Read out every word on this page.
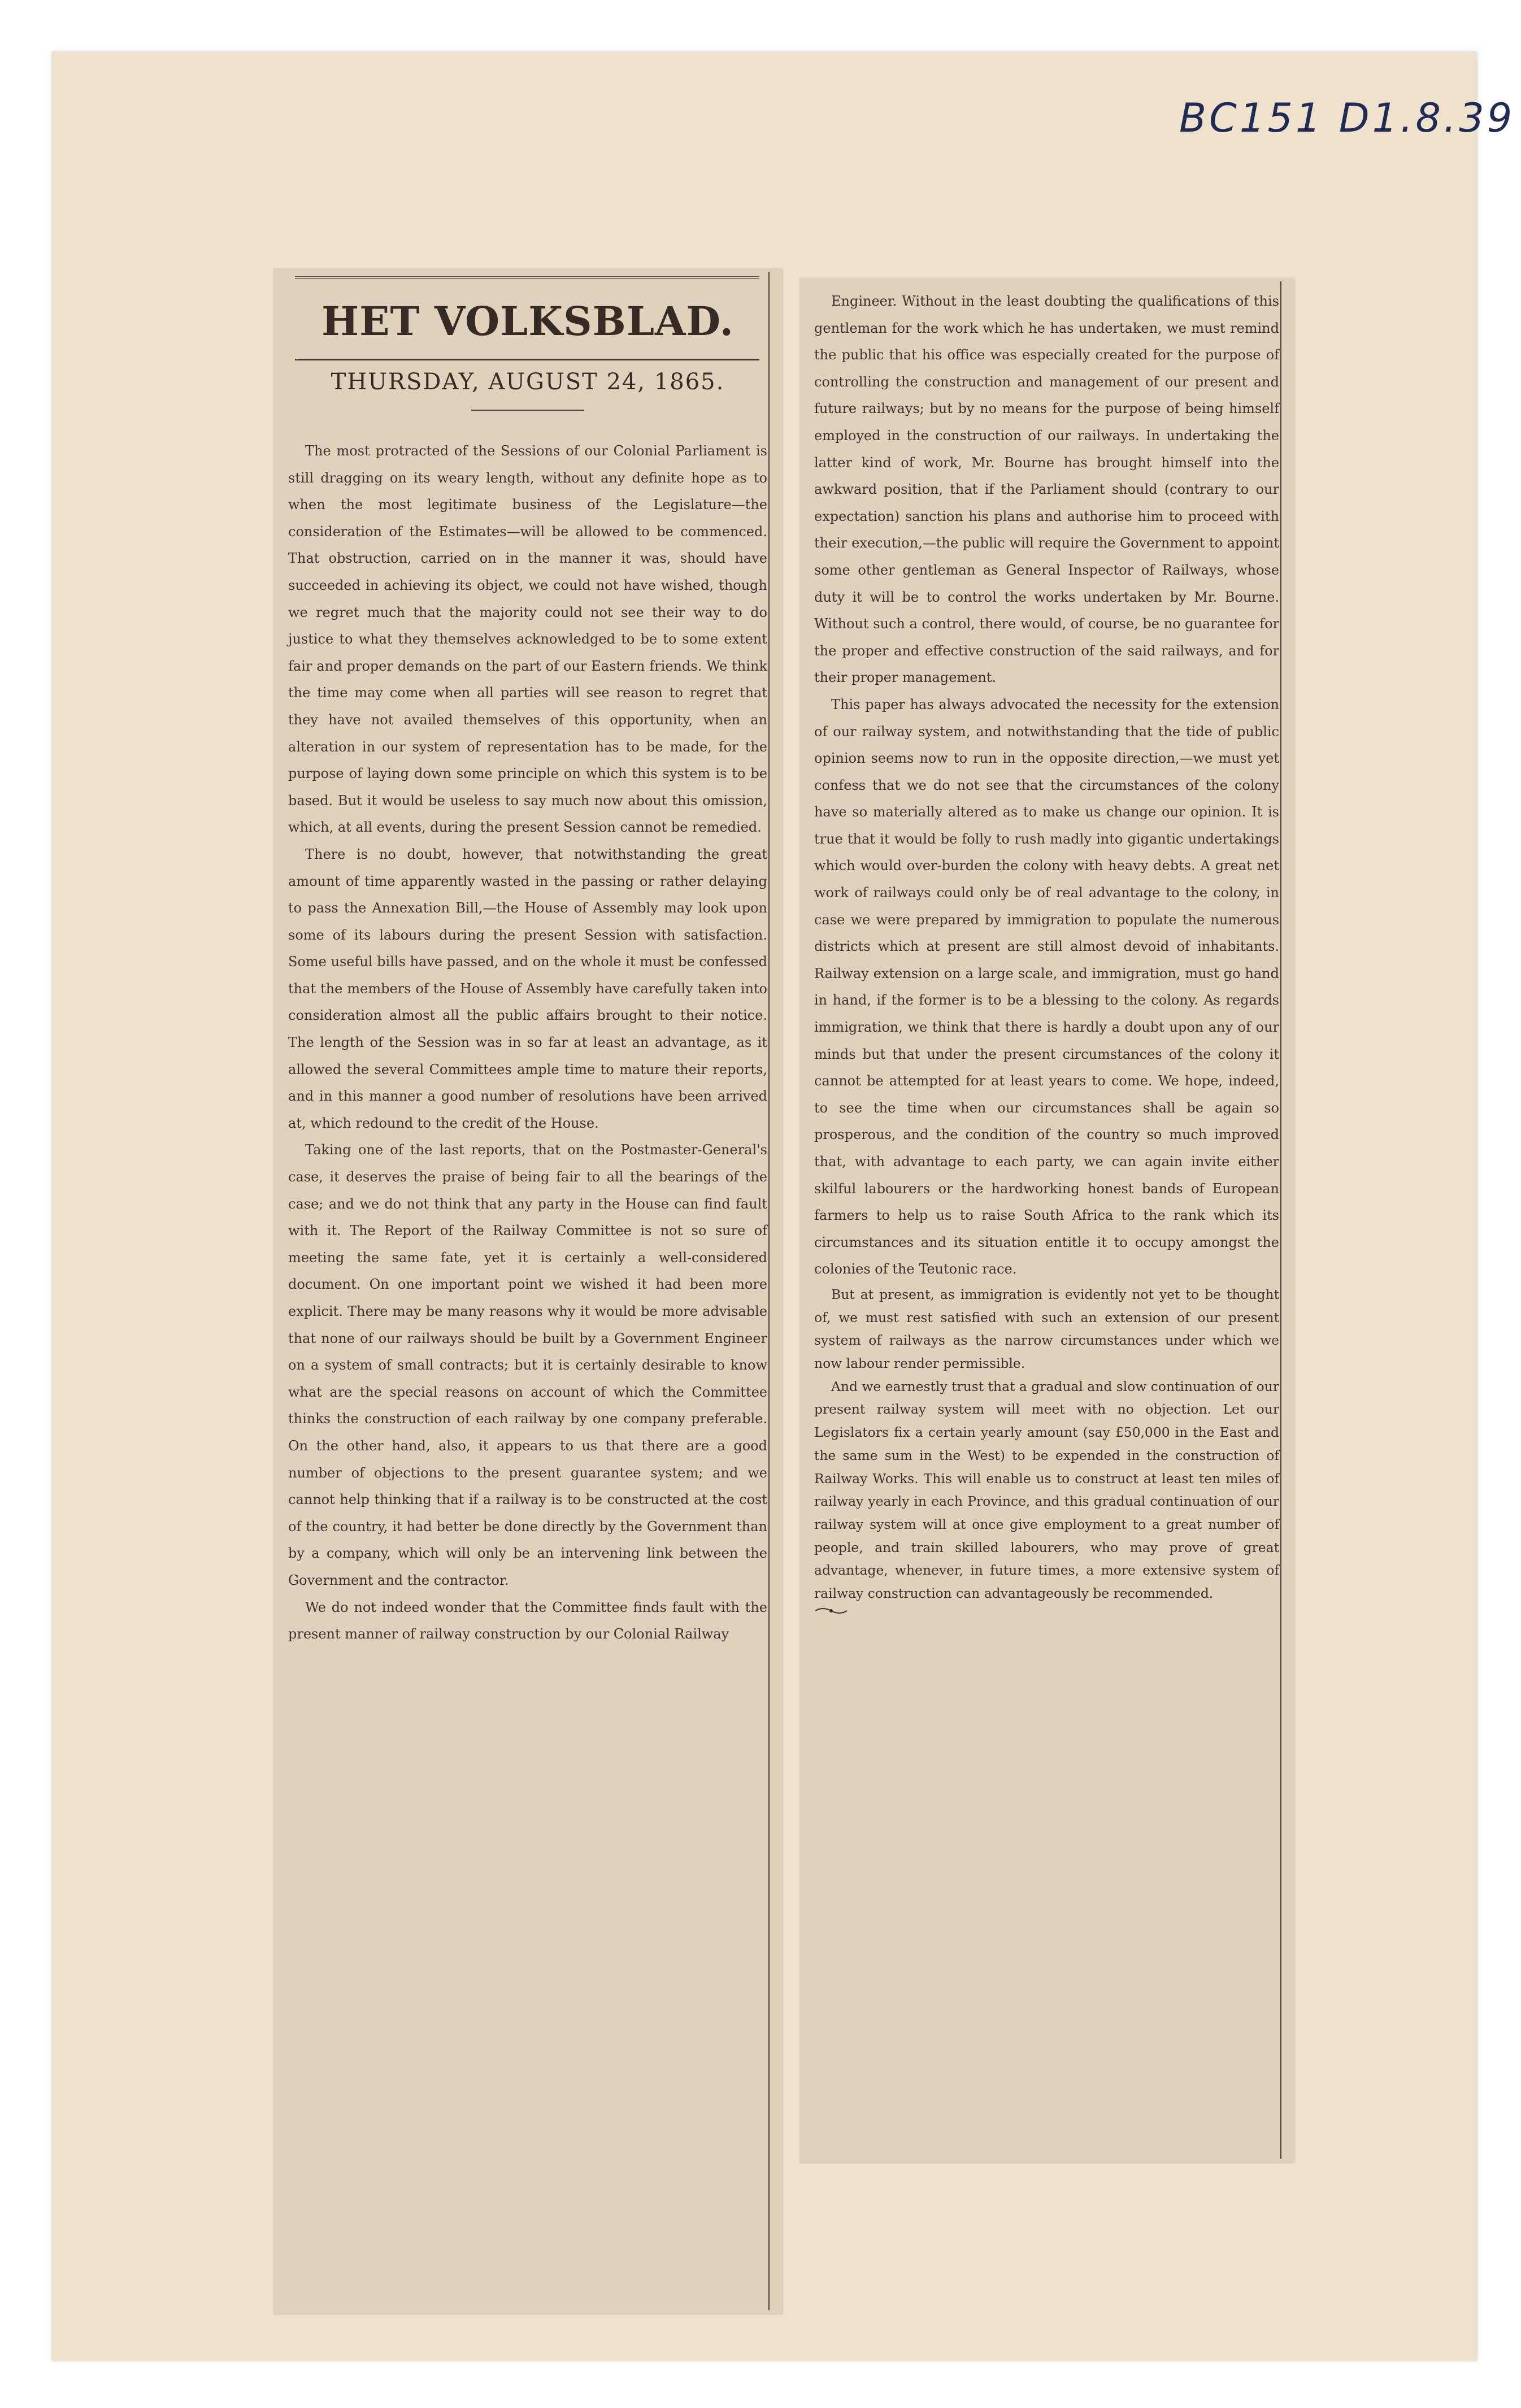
BC151 D1.8.39
HET VOLKSBLAD.
THURSDAY, AUGUST 24, 1865.

The most protracted of the Sessions of our Colonial Parliament is still dragging on its weary length, without any definite hope as to when the most legitimate business of the Legislature—the consideration of the Estimates—will be allowed to be commenced. That obstruction, carried on in the manner it was, should have succeeded in achieving its object, we could not have wished, though we regret much that the majority could not see their way to do justice to what they themselves acknowledged to be to some extent fair and proper demands on the part of our Eastern friends. We think the time may come when all parties will see reason to regret that they have not availed themselves of this opportunity, when an alteration in our system of representation has to be made, for the purpose of laying down some principle on which this system is to be based. But it would be useless to say much now about this omission, which, at all events, during the present Session cannot be remedied.

There is no doubt, however, that notwithstanding the great amount of time apparently wasted in the passing or rather delaying to pass the Annexation Bill,—the House of Assembly may look upon some of its labours during the present Session with satisfaction. Some useful bills have passed, and on the whole it must be confessed that the members of the House of Assembly have carefully taken into consideration almost all the public affairs brought to their notice. The length of the Session was in so far at least an advantage, as it allowed the several Committees ample time to mature their reports, and in this manner a good number of resolutions have been arrived at, which redound to the credit of the House.

Taking one of the last reports, that on the Postmaster-General's case, it deserves the praise of being fair to all the bearings of the case; and we do not think that any party in the House can find fault with it. The Report of the Railway Committee is not so sure of meeting the same fate, yet it is certainly a well-considered document. On one important point we wished it had been more explicit. There may be many reasons why it would be more advisable that none of our railways should be built by a Government Engineer on a system of small contracts; but it is certainly desirable to know what are the special reasons on account of which the Committee thinks the construction of each railway by one company preferable. On the other hand, also, it appears to us that there are a good number of objections to the present guarantee system; and we cannot help thinking that if a railway is to be constructed at the cost of the country, it had better be done directly by the Government than by a company, which will only be an intervening link between the Government and the contractor.

We do not indeed wonder that the Committee finds fault with the present manner of railway construction by our Colonial Railway

Engineer. Without in the least doubting the qualifications of this gentleman for the work which he has undertaken, we must remind the public that his office was especially created for the purpose of controlling the construction and management of our present and future railways; but by no means for the purpose of being himself employed in the construction of our railways. In undertaking the latter kind of work, Mr. Bourne has brought himself into the awkward position, that if the Parliament should (contrary to our expectation) sanction his plans and authorise him to proceed with their execution,—the public will require the Government to appoint some other gentleman as General Inspector of Railways, whose duty it will be to control the works undertaken by Mr. Bourne. Without such a control, there would, of course, be no guarantee for the proper and effective construction of the said railways, and for their proper management.

This paper has always advocated the necessity for the extension of our railway system, and notwithstanding that the tide of public opinion seems now to run in the opposite direction,—we must yet confess that we do not see that the circumstances of the colony have so materially altered as to make us change our opinion. It is true that it would be folly to rush madly into gigantic undertakings which would over-burden the colony with heavy debts. A great net work of railways could only be of real advantage to the colony, in case we were prepared by immigration to populate the numerous districts which at present are still almost devoid of inhabitants. Railway extension on a large scale, and immigration, must go hand in hand, if the former is to be a blessing to the colony. As regards immigration, we think that there is hardly a doubt upon any of our minds but that under the present circumstances of the colony it cannot be attempted for at least years to come. We hope, indeed, to see the time when our circumstances shall be again so prosperous, and the condition of the country so much improved that, with advantage to each party, we can again invite either skilful labourers or the hardworking honest bands of European farmers to help us to raise South Africa to the rank which its circumstances and its situation entitle it to occupy amongst the colonies of the Teutonic race.

But at present, as immigration is evidently not yet to be thought of, we must rest satisfied with such an extension of our present system of railways as the narrow circumstances under which we now labour render permissible.

And we earnestly trust that a gradual and slow continuation of our present railway system will meet with no objection. Let our Legislators fix a certain yearly amount (say £50,000 in the East and the same sum in the West) to be expended in the construction of Railway Works. This will enable us to construct at least ten miles of railway yearly in each Province, and this gradual continuation of our railway system will at once give employment to a great number of people, and train skilled labourers, who may prove of great advantage, whenever, in future times, a more extensive system of railway construction can advantageously be recommended.
